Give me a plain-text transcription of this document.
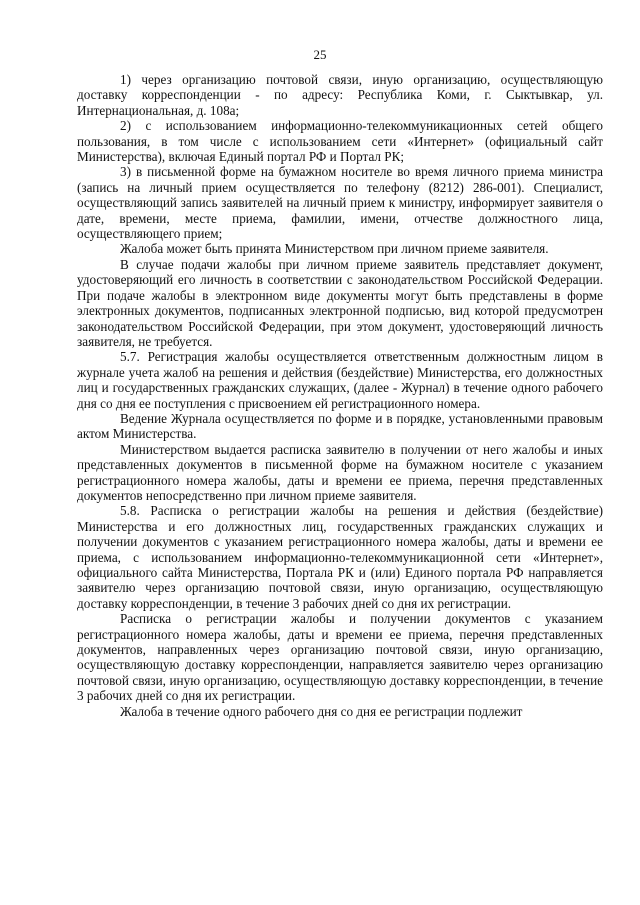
25

1) через организацию почтовой связи, иную организацию, осуществляющую доставку корреспонденции - по адресу: Республика Коми, г. Сыктывкар, ул. Интернациональная, д. 108а;

2) с использованием информационно-телекоммуникационных сетей общего пользования, в том числе с использованием сети «Интернет» (официальный сайт Министерства), включая Единый портал РФ и Портал РК;

3) в письменной форме на бумажном носителе во время личного приема министра (запись на личный прием осуществляется по телефону (8212) 286-001). Специалист, осуществляющий запись заявителей на личный прием к министру, информирует заявителя о дате, времени, месте приема, фамилии, имени, отчестве должностного лица, осуществляющего прием;

Жалоба может быть принята Министерством при личном приеме заявителя.

В случае подачи жалобы при личном приеме заявитель представляет документ, удостоверяющий его личность в соответствии с законодательством Российской Федерации. При подаче жалобы в электронном виде документы могут быть представлены в форме электронных документов, подписанных электронной подписью, вид которой предусмотрен законодательством Российской Федерации, при этом документ, удостоверяющий личность заявителя, не требуется.

5.7. Регистрация жалобы осуществляется ответственным должностным лицом в журнале учета жалоб на решения и действия (бездействие) Министерства, его должностных лиц и государственных гражданских служащих, (далее - Журнал) в течение одного рабочего дня со дня ее поступления с присвоением ей регистрационного номера.

Ведение Журнала осуществляется по форме и в порядке, установленными правовым актом Министерства.

Министерством выдается расписка заявителю в получении от него жалобы и иных представленных документов в письменной форме на бумажном носителе с указанием регистрационного номера жалобы, даты и времени ее приема, перечня представленных документов непосредственно при личном приеме заявителя.

5.8. Расписка о регистрации жалобы на решения и действия (бездействие) Министерства и его должностных лиц, государственных гражданских служащих и получении документов с указанием регистрационного номера жалобы, даты и времени ее приема, с использованием информационно-телекоммуникационной сети «Интернет», официального сайта Министерства, Портала РК и (или) Единого портала РФ направляется заявителю через организацию почтовой связи, иную организацию, осуществляющую доставку корреспонденции, в течение 3 рабочих дней со дня их регистрации.

Расписка о регистрации жалобы и получении документов с указанием регистрационного номера жалобы, даты и времени ее приема, перечня представленных документов, направленных через организацию почтовой связи, иную организацию, осуществляющую доставку корреспонденции, направляется заявителю через организацию почтовой связи, иную организацию, осуществляющую доставку корреспонденции, в течение 3 рабочих дней со дня их регистрации.

Жалоба в течение одного рабочего дня со дня ее регистрации подлежит
